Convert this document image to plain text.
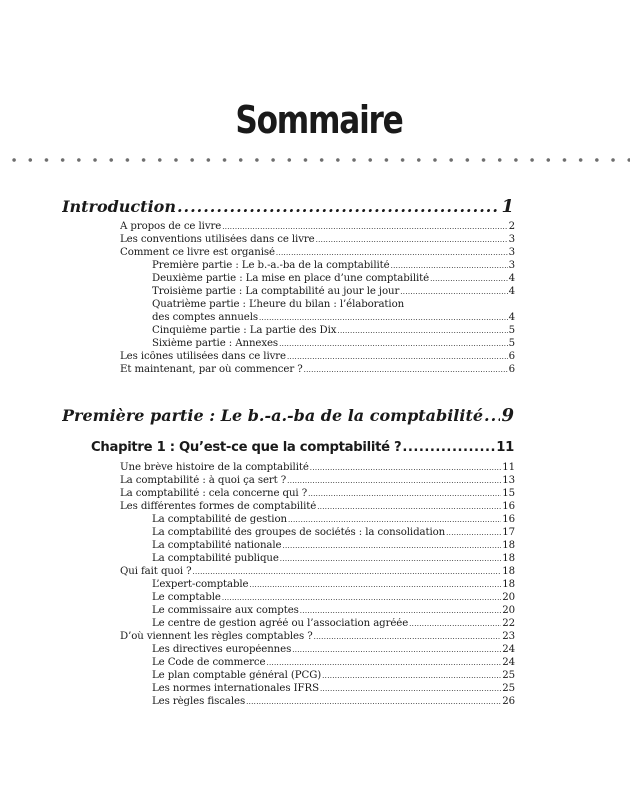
Sommaire
Introduction .....	1
À propos de ce livre .....	2
Les conventions utilisées dans ce livre .....	3
Comment ce livre est organisé .....	3
Première partie : Le b.-a.-ba de la comptabilité .....	3
Deuxième partie : La mise en place d’une comptabilité .....	4
Troisième partie : La comptabilité au jour le jour .....	4
Quatrième partie : L’heure du bilan : l’élaboration
des comptes annuels .....	4
Cinquième partie : La partie des Dix .....	5
Sixième partie : Annexes .....	5
Les icônes utilisées dans ce livre .....	6
Et maintenant, par où commencer ? .....	6
Première partie : Le b.-a.-ba de la comptabilité ..... 9
Chapitre 1 : Qu’est-ce que la comptabilité ? .....	11
Une brève histoire de la comptabilité .....	11
La comptabilité : à quoi ça sert ? .....	13
La comptabilité : cela concerne qui ? .....	15
Les différentes formes de comptabilité .....	16
La comptabilité de gestion .....	16
La comptabilité des groupes de sociétés : la consolidation .....	17
La comptabilité nationale .....	18
La comptabilité publique .....	18
Qui fait quoi ? .....	18
L’expert-comptable .....	18
Le comptable .....	20
Le commissaire aux comptes .....	20
Le centre de gestion agréé ou l’association agréée .....	22
D’où viennent les règles comptables ? .....	23
Les directives européennes .....	24
Le Code de commerce .....	24
Le plan comptable général (PCG) .....	25
Les normes internationales IFRS .....	25
Les règles fiscales .....	26
